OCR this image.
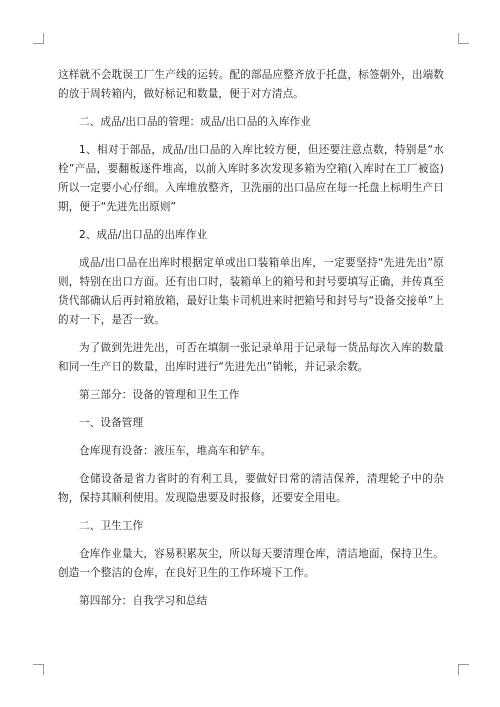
这样就不会耽误工厂生产线的运转。配的部品应整齐放于托盘，标签朝外，出端数的放于周转箱内，做好标记和数量，便于对方清点。

二、成品/出口品的管理：成品/出口品的入库作业

1、相对于部品，成品/出口品的入库比较方便，但还要注意点数，特别是“水栓”产品，要翻板逐件堆高，以前入库时多次发现多箱为空箱(入库时在工厂被盗)所以一定要小心仔细。入库堆放整齐，卫洗丽的出口品应在每一托盘上标明生产日期，便于“先进先出原则”

2、成品/出口品的出库作业

成品/出口品在出库时根据定单或出口装箱单出库，一定要坚持“先进先出”原则，特别在出口方面。还有出口时，装箱单上的箱号和封号要填写正确，并传真至货代部确认后再封箱放箱，最好让集卡司机进来时把箱号和封号与“设备交接单”上的对一下，是否一致。

为了做到先进先出，可否在填制一张记录单用于记录每一货品每次入库的数量和同一生产日的数量，出库时进行“先进先出”销帐，并记录余数。

第三部分：设备的管理和卫生工作

一、设备管理

仓库现有设备：液压车，堆高车和铲车。

仓储设备是省力省时的有利工具，要做好日常的清洁保养，清理轮子中的杂物，保持其顺利使用。发现隐患要及时报修，还要安全用电。

二、卫生工作

仓库作业量大，容易积累灰尘，所以每天要清理仓库，清洁地面，保持卫生。创造一个整洁的仓库，在良好卫生的工作环境下工作。

第四部分：自我学习和总结
